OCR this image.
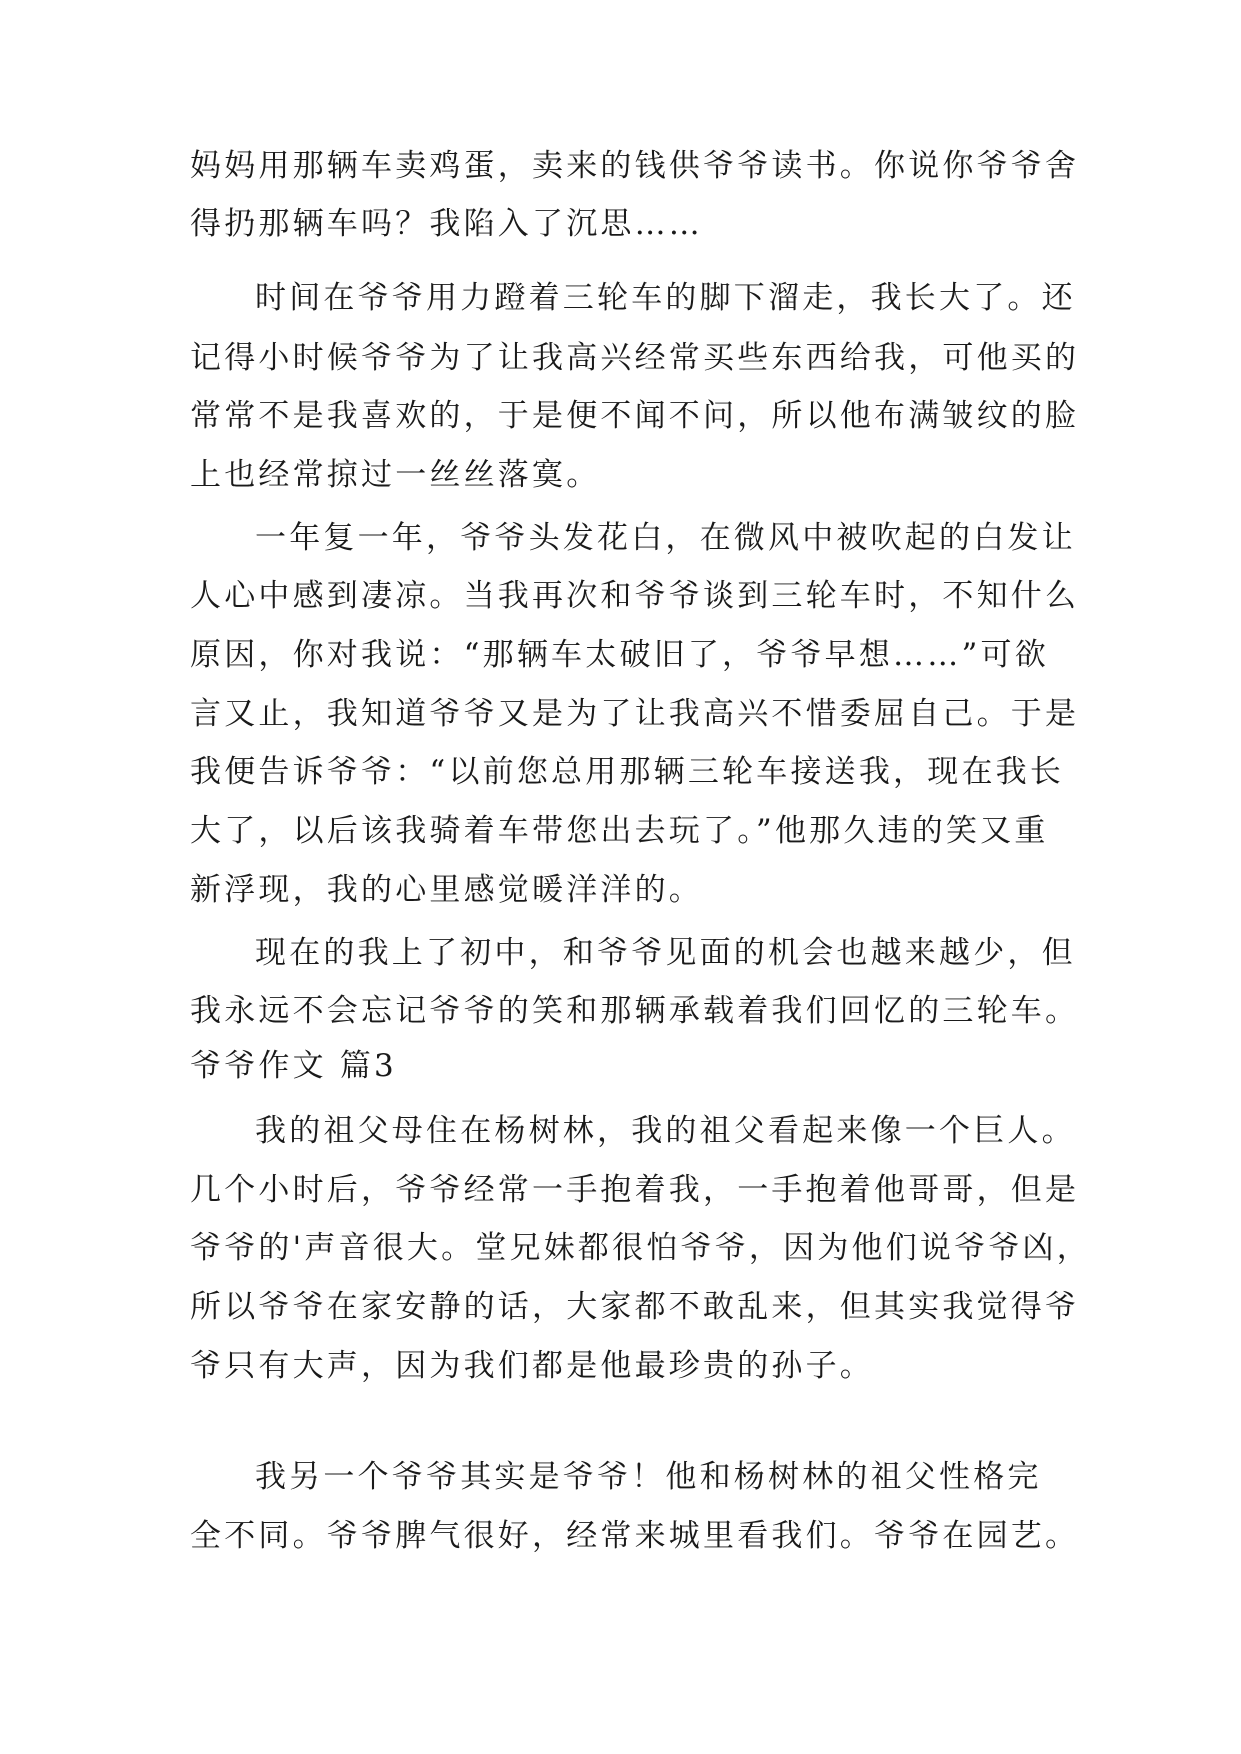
妈妈用那辆车卖鸡蛋，卖来的钱供爷爷读书。你说你爷爷舍
得扔那辆车吗？我陷入了沉思……
时间在爷爷用力蹬着三轮车的脚下溜走，我长大了。还
记得小时候爷爷为了让我高兴经常买些东西给我，可他买的
常常不是我喜欢的，于是便不闻不问，所以他布满皱纹的脸
上也经常掠过一丝丝落寞。
一年复一年，爷爷头发花白，在微风中被吹起的白发让
人心中感到凄凉。当我再次和爷爷谈到三轮车时，不知什么
原因，你对我说：“那辆车太破旧了，爷爷早想……”可欲
言又止，我知道爷爷又是为了让我高兴不惜委屈自己。于是
我便告诉爷爷：“以前您总用那辆三轮车接送我，现在我长
大了，以后该我骑着车带您出去玩了。”他那久违的笑又重
新浮现，我的心里感觉暖洋洋的。
现在的我上了初中，和爷爷见面的机会也越来越少，但
我永远不会忘记爷爷的笑和那辆承载着我们回忆的三轮车。
爷爷作文 篇3
我的祖父母住在杨树林，我的祖父看起来像一个巨人。
几个小时后，爷爷经常一手抱着我，一手抱着他哥哥，但是
爷爷的'声音很大。堂兄妹都很怕爷爷，因为他们说爷爷凶，
所以爷爷在家安静的话，大家都不敢乱来，但其实我觉得爷
爷只有大声，因为我们都是他最珍贵的孙子。
我另一个爷爷其实是爷爷！他和杨树林的祖父性格完
全不同。爷爷脾气很好，经常来城里看我们。爷爷在园艺。
